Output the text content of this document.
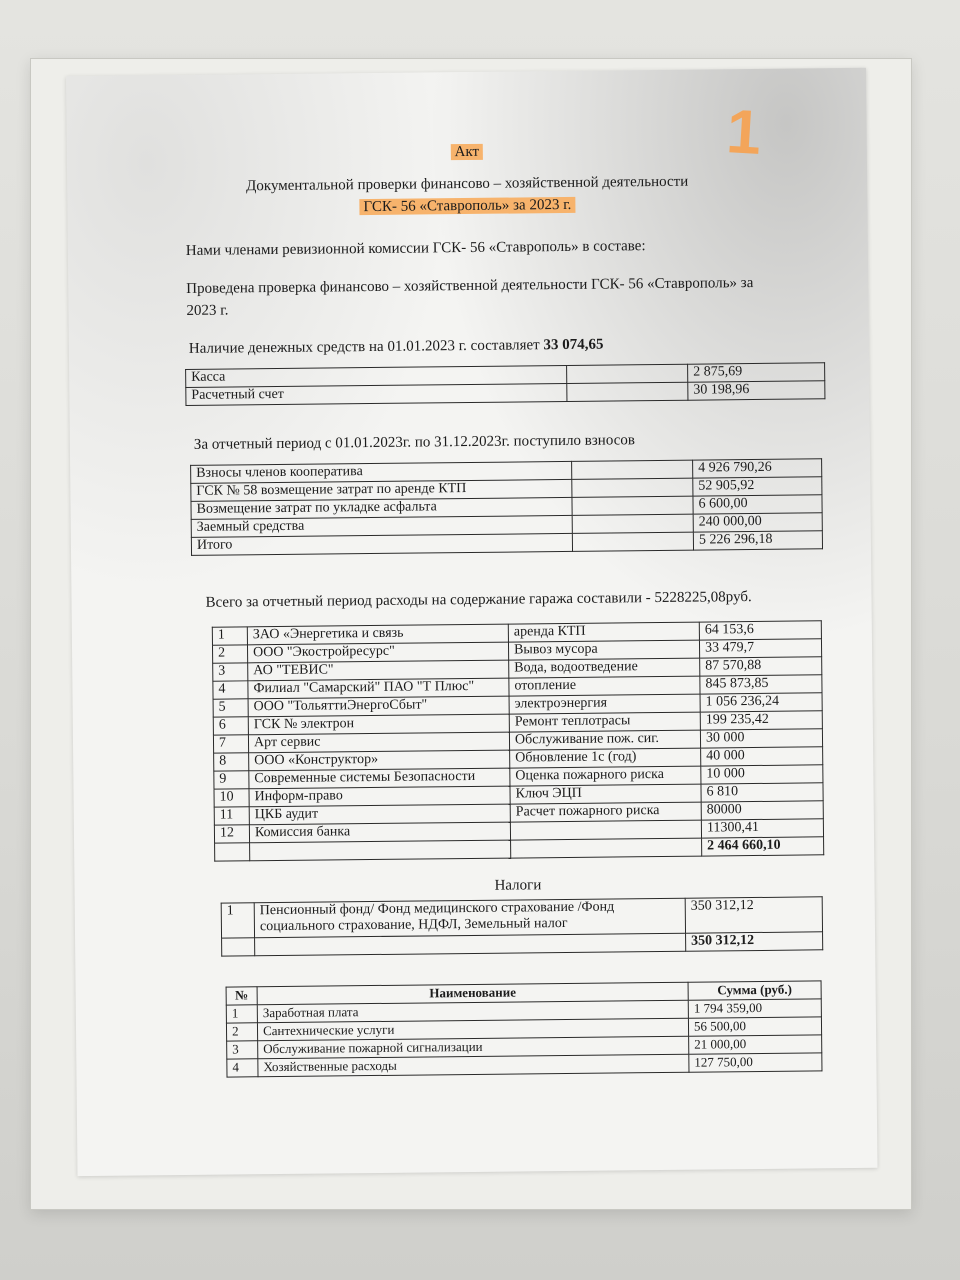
1
Акт
Документальной проверки финансово – хозяйственной деятельности
ГСК- 56 «Ставрополь» за 2023 г.
Нами членами ревизионной комиссии ГСК- 56 «Ставрополь» в составе:
Проведена проверка финансово – хозяйственной деятельности ГСК- 56 «Ставрополь» за
2023 г.
Наличие денежных средств на 01.01.2023 г. составляет 33 074,65
Касса		2 875,69
Расчетный счет		30 198,96
За отчетный период с 01.01.2023г. по 31.12.2023г. поступило взносов
Взносы членов кооператива		4 926 790,26
ГСК № 58 возмещение затрат по аренде КТП		52 905,92
Возмещение затрат по укладке асфальта		6 600,00
Заемный средства		240 000,00
Итого		5 226 296,18
Всего за отчетный период расходы на содержание гаража составили - 5228225,08руб.
1	ЗАО «Энергетика и связь	аренда КТП	64 153,6
2	ООО "Экостройресурс"	Вывоз мусора	33 479,7
3	АО "ТЕВИС"	Вода, водоотведение	87 570,88
4	Филиал "Самарский" ПАО "Т Плюс"	отопление	845 873,85
5	ООО "ТольяттиЭнергоСбыт"	электроэнергия	1 056 236,24
6	ГСК № электрон	Ремонт теплотрасы	199 235,42
7	Арт сервис	Обслуживание пож. сиг.	30 000
8	ООО «Конструктор»	Обновление 1с (год)	40 000
9	Современные системы Безопасности	Оценка пожарного риска	10 000
10	Информ-право	Ключ ЭЦП	6 810
11	ЦКБ аудит	Расчет пожарного риска	80000
12	Комиссия банка		11300,41
			2 464 660,10
Налоги
1	Пенсионный фонд/ Фонд медицинского страхование /Фонд
социального страхование, НДФЛ, Земельный налог	350 312,12
		350 312,12
№	Наименование	Сумма (руб.)
1	Заработная плата	1 794 359,00
2	Сантехнические услуги	56 500,00
3	Обслуживание пожарной сигнализации	21 000,00
4	Хозяйственные расходы	127 750,00
